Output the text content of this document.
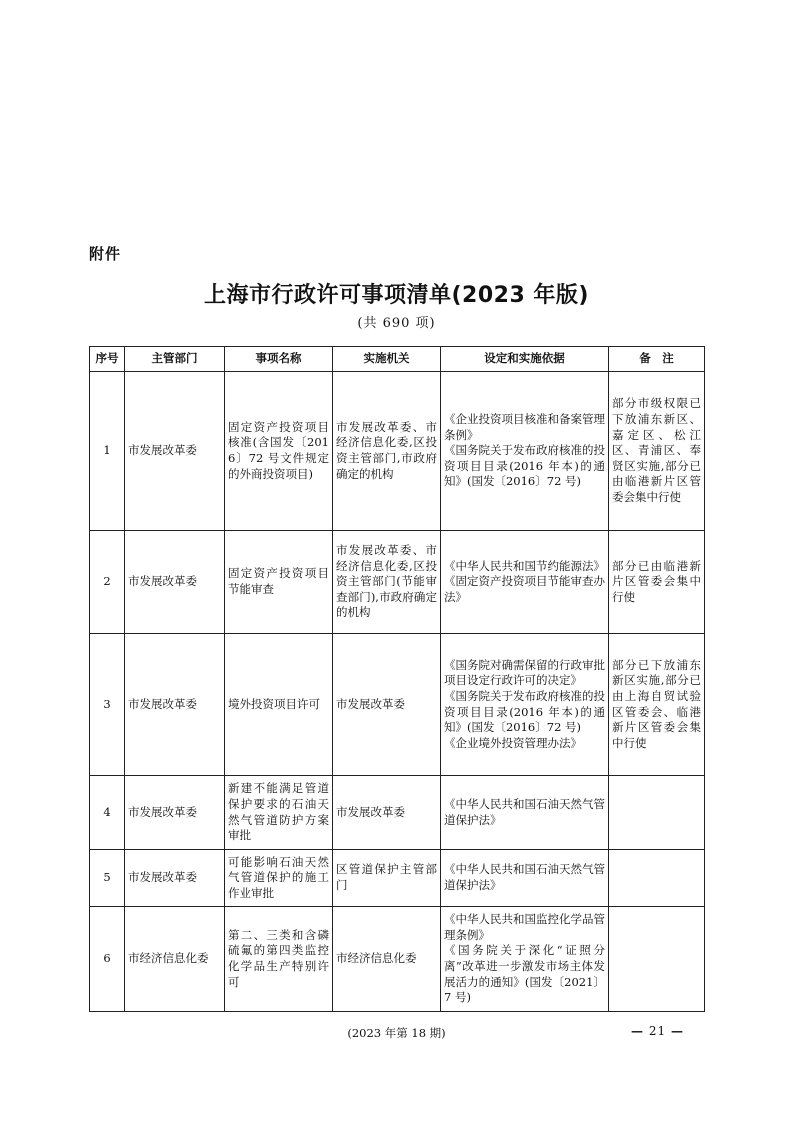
附件
上海市行政许可事项清单(2023 年版)
(共 690 项)
序号	主管部门	事项名称	实施机关	设定和实施依据	备　注
1	市发展改革委	固定资产投资项目核准(含国发〔2016〕72 号文件规定的外商投资项目)	市发展改革委、市经济信息化委,区投资主管部门,市政府确定的机构	《企业投资项目核准和备案管理条例》
《国务院关于发布政府核准的投资项目目录(2016 年本)的通知》(国发〔2016〕72 号)	部分市级权限已下放浦东新区、嘉定区、松江区、青浦区、奉贤区实施,部分已由临港新片区管委会集中行使
2	市发展改革委	固定资产投资项目节能审查	市发展改革委、市经济信息化委,区投资主管部门(节能审查部门),市政府确定的机构	《中华人民共和国节约能源法》
《固定资产投资项目节能审查办法》	部分已由临港新片区管委会集中行使
3	市发展改革委	境外投资项目许可	市发展改革委	《国务院对确需保留的行政审批项目设定行政许可的决定》
《国务院关于发布政府核准的投资项目目录(2016 年本)的通知》(国发〔2016〕72 号)
《企业境外投资管理办法》	部分已下放浦东新区实施,部分已由上海自贸试验区管委会、临港新片区管委会集中行使
4	市发展改革委	新建不能满足管道保护要求的石油天然气管道防护方案审批	市发展改革委	《中华人民共和国石油天然气管道保护法》	
5	市发展改革委	可能影响石油天然气管道保护的施工作业审批	区管道保护主管部门	《中华人民共和国石油天然气管道保护法》	
6	市经济信息化委	第二、三类和含磷硫氟的第四类监控化学品生产特别许可	市经济信息化委	《中华人民共和国监控化学品管理条例》
《国务院关于深化“证照分离”改革进一步激发市场主体发展活力的通知》(国发〔2021〕7 号)	
(2023 年第 18 期)	— 21 —
